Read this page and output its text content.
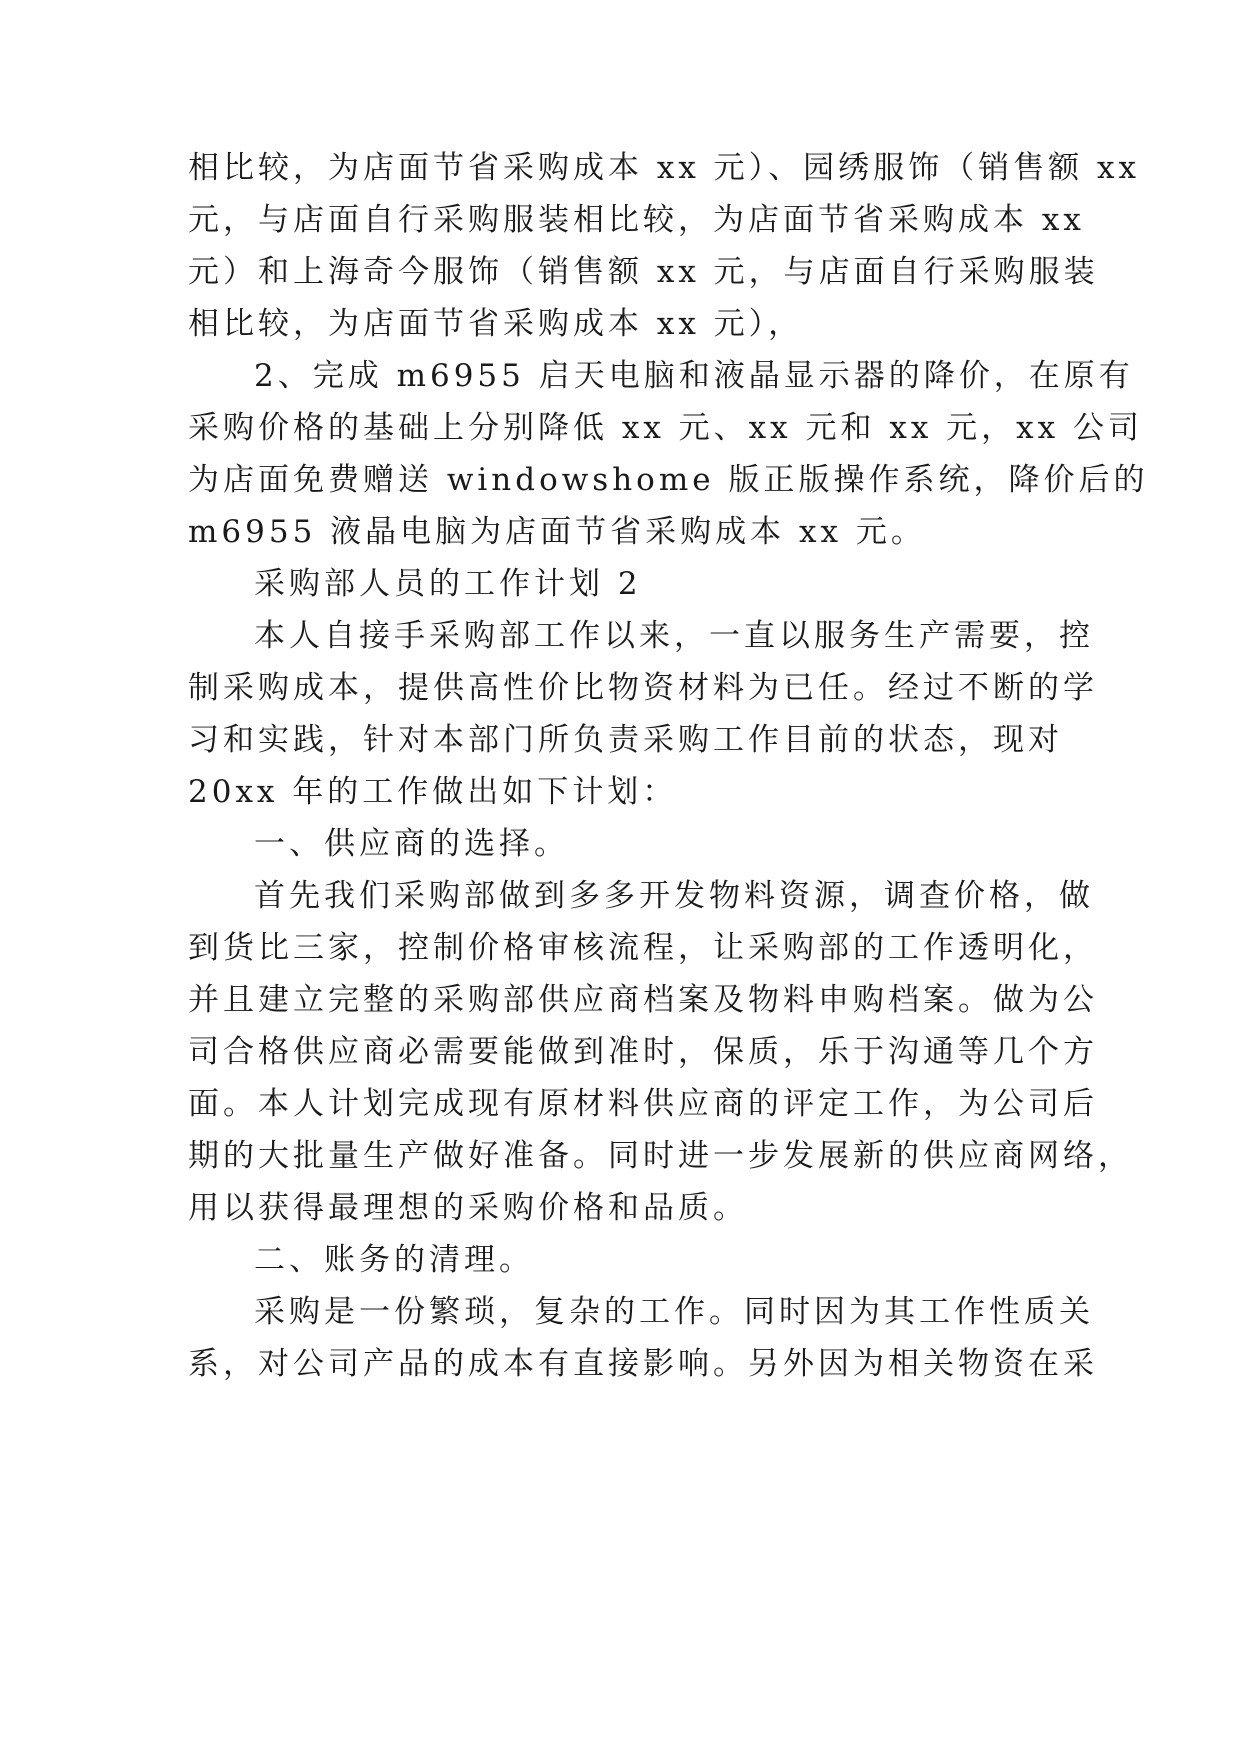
相比较，为店面节省采购成本 xx 元）、园绣服饰（销售额 xx
元，与店面自行采购服装相比较，为店面节省采购成本 xx
元）和上海奇今服饰（销售额 xx 元，与店面自行采购服装
相比较，为店面节省采购成本 xx 元），
2、完成 m6955 启天电脑和液晶显示器的降价，在原有
采购价格的基础上分别降低 xx 元、xx 元和 xx 元，xx 公司
为店面免费赠送 windowshome 版正版操作系统，降价后的
m6955 液晶电脑为店面节省采购成本 xx 元。
采购部人员的工作计划 2
本人自接手采购部工作以来，一直以服务生产需要，控
制采购成本，提供高性价比物资材料为已任。经过不断的学
习和实践，针对本部门所负责采购工作目前的状态，现对
20xx 年的工作做出如下计划：
一、供应商的选择。
首先我们采购部做到多多开发物料资源，调查价格，做
到货比三家，控制价格审核流程，让采购部的工作透明化，
并且建立完整的采购部供应商档案及物料申购档案。做为公
司合格供应商必需要能做到准时，保质，乐于沟通等几个方
面。本人计划完成现有原材料供应商的评定工作，为公司后
期的大批量生产做好准备。同时进一步发展新的供应商网络，
用以获得最理想的采购价格和品质。
二、账务的清理。
采购是一份繁琐，复杂的工作。同时因为其工作性质关
系，对公司产品的成本有直接影响。另外因为相关物资在采
